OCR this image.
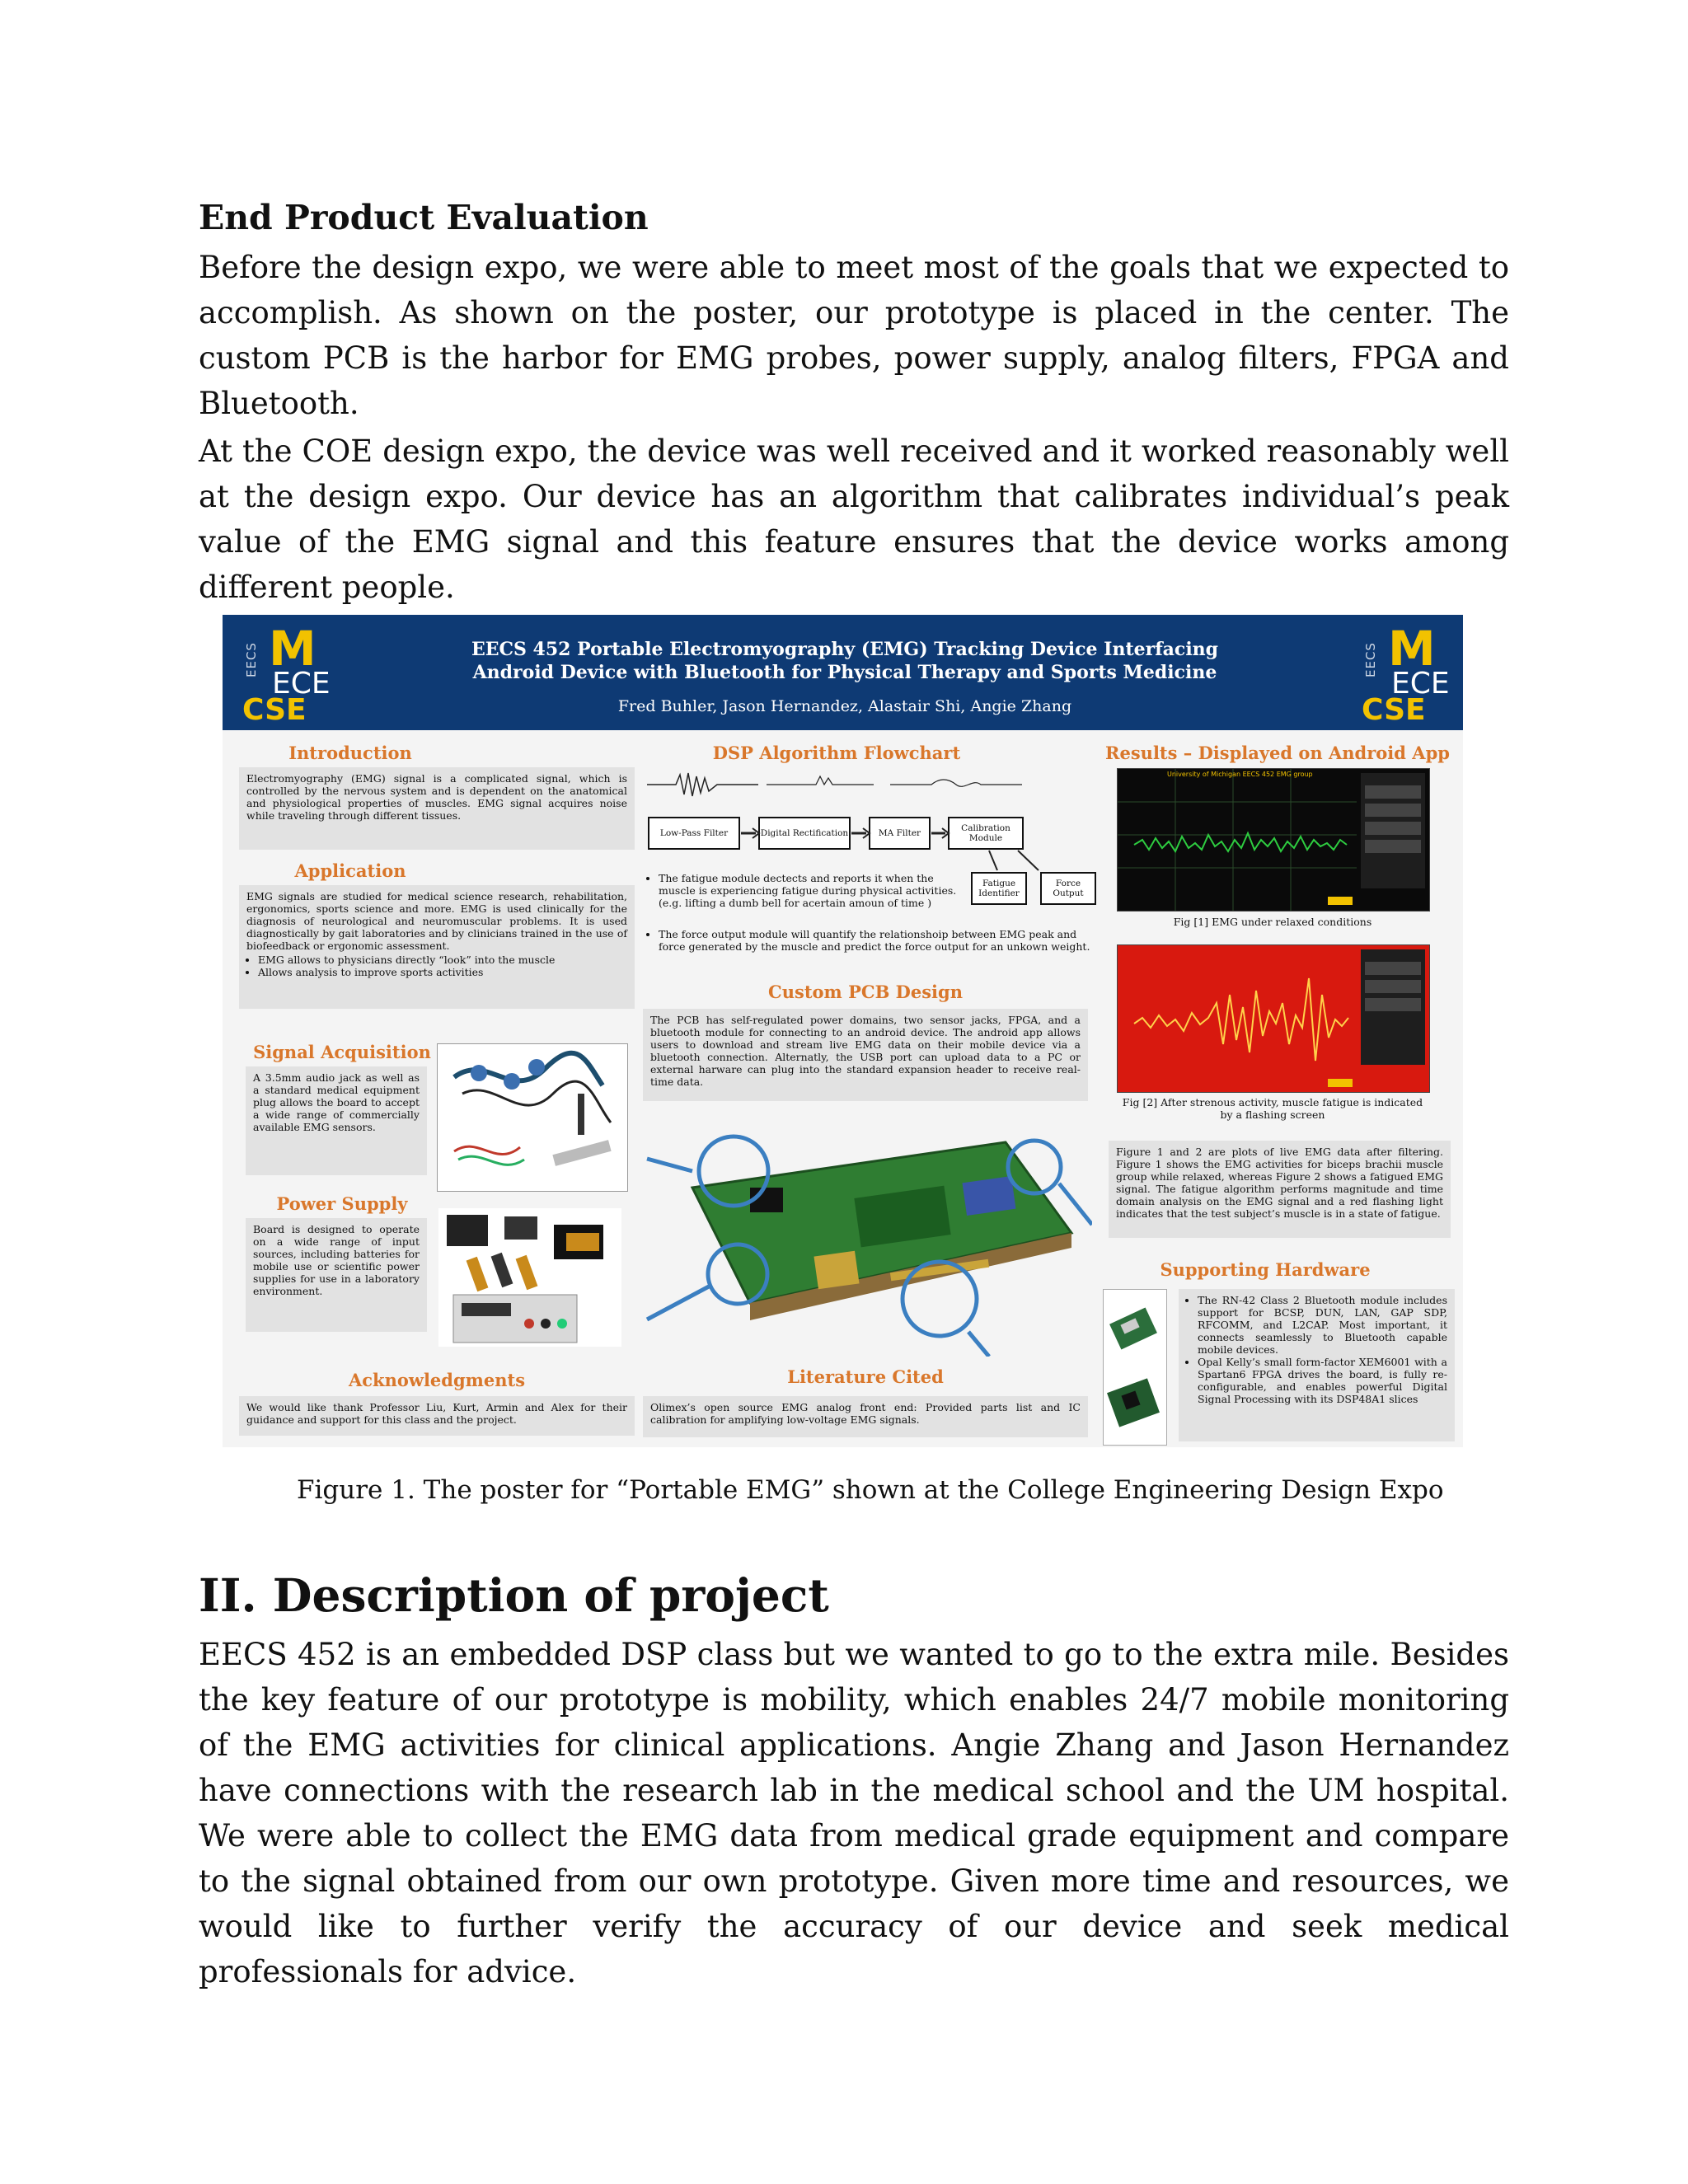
End Product Evaluation

Before the design expo, we were able to meet most of the goals that we expected to accomplish. As shown on the poster, our prototype is placed in the center. The custom PCB is the harbor for EMG probes, power supply, analog filters, FPGA and Bluetooth.

At the COE design expo, the device was well received and it worked reasonably well at the design expo. Our device has an algorithm that calibrates individual’s peak value of the EMG signal and this feature ensures that the device works among different people.

EECS M
ECE
CSE
EECS 452 Portable Electromyography (EMG) Tracking Device Interfacing
Android Device with Bluetooth for Physical Therapy and Sports Medicine
Fred Buhler, Jason Hernandez, Alastair Shi, Angie Zhang
EECS M
ECE
CSE
Introduction

Electromyography (EMG) signal is a complicated signal, which is controlled by the nervous system and is dependent on the anatomical and physiological properties of muscles. EMG signal acquires noise while traveling through different tissues.

Application
EMG signals are studied for medical science research, rehabilitation, ergonomics, sports science and more. EMG is used clinically for the diagnosis of neurological and neuromuscular problems. It is used diagnostically by gait laboratories and by clinicians trained in the use of biofeedback or ergonomic assessment.
• EMG allows to physicians directly “look” into the muscle
• Allows analysis to improve sports activities
Signal Acquisition

A 3.5mm audio jack as well as a standard medical equipment plug allows the board to accept a wide range of commercially available EMG sensors.

Power Supply

Board is designed to operate on a wide range of input sources, including batteries for mobile use or scientific power supplies for use in a laboratory environment.

Acknowledgments

We would like thank Professor Liu, Kurt, Armin and Alex for their guidance and support for this class and the project.

DSP Algorithm Flowchart
Low-Pass Filter	Digital Rectification	MA Filter	Calibration Module
Fatigue Identifier
Force Output
• The fatigue module dectects and reports it when the muscle is experiencing fatigue during physical activities. (e.g. lifting a dumb bell for acertain amoun of time )
• The force output module will quantify the relationshoip between EMG peak and force generated by the muscle and predict the force output for an unkown weight.
Custom PCB Design

The PCB has self-regulated power domains, two sensor jacks, FPGA, and a bluetooth module for connecting to an android device. The android app allows users to download and stream live EMG data on their mobile device via a bluetooth connection. Alternatly, the USB port can upload data to a PC or external harware can plug into the standard expansion header to receive real-time data.

Literature Cited

Olimex’s open source EMG analog front end: Provided parts list and IC calibration for amplifying low-voltage EMG signals.

Results – Displayed on Android App
University of Michigan EECS 452 EMG group

Fig [1] EMG under relaxed conditions

Fig [2] After strenous activity, muscle fatigue is indicated by a flashing screen

Figure 1 and 2 are plots of live EMG data after filtering. Figure 1 shows the EMG activities for biceps brachii muscle group while relaxed, whereas Figure 2 shows a fatigued EMG signal. The fatigue algorithm performs magnitude and time domain analysis on the EMG signal and a red flashing light indicates that the test subject’s muscle is in a state of fatigue.

Supporting Hardware
• The RN-42 Class 2 Bluetooth module includes support for BCSP, DUN, LAN, GAP SDP, RFCOMM, and L2CAP. Most important, it connects seamlessly to Bluetooth capable mobile devices.
• Opal Kelly’s small form-factor XEM6001 with a Spartan6 FPGA drives the board, is fully re-configurable, and enables powerful Digital Signal Processing with its DSP48A1 slices

Figure 1. The poster for “Portable EMG” shown at the College Engineering Design Expo

II. Description of project

EECS 452 is an embedded DSP class but we wanted to go to the extra mile. Besides the key feature of our prototype is mobility, which enables 24/7 mobile monitoring of the EMG activities for clinical applications. Angie Zhang and Jason Hernandez have connections with the research lab in the medical school and the UM hospital. We were able to collect the EMG data from medical grade equipment and compare to the signal obtained from our own prototype. Given more time and resources, we would like to further verify the accuracy of our device and seek medical professionals for advice.
